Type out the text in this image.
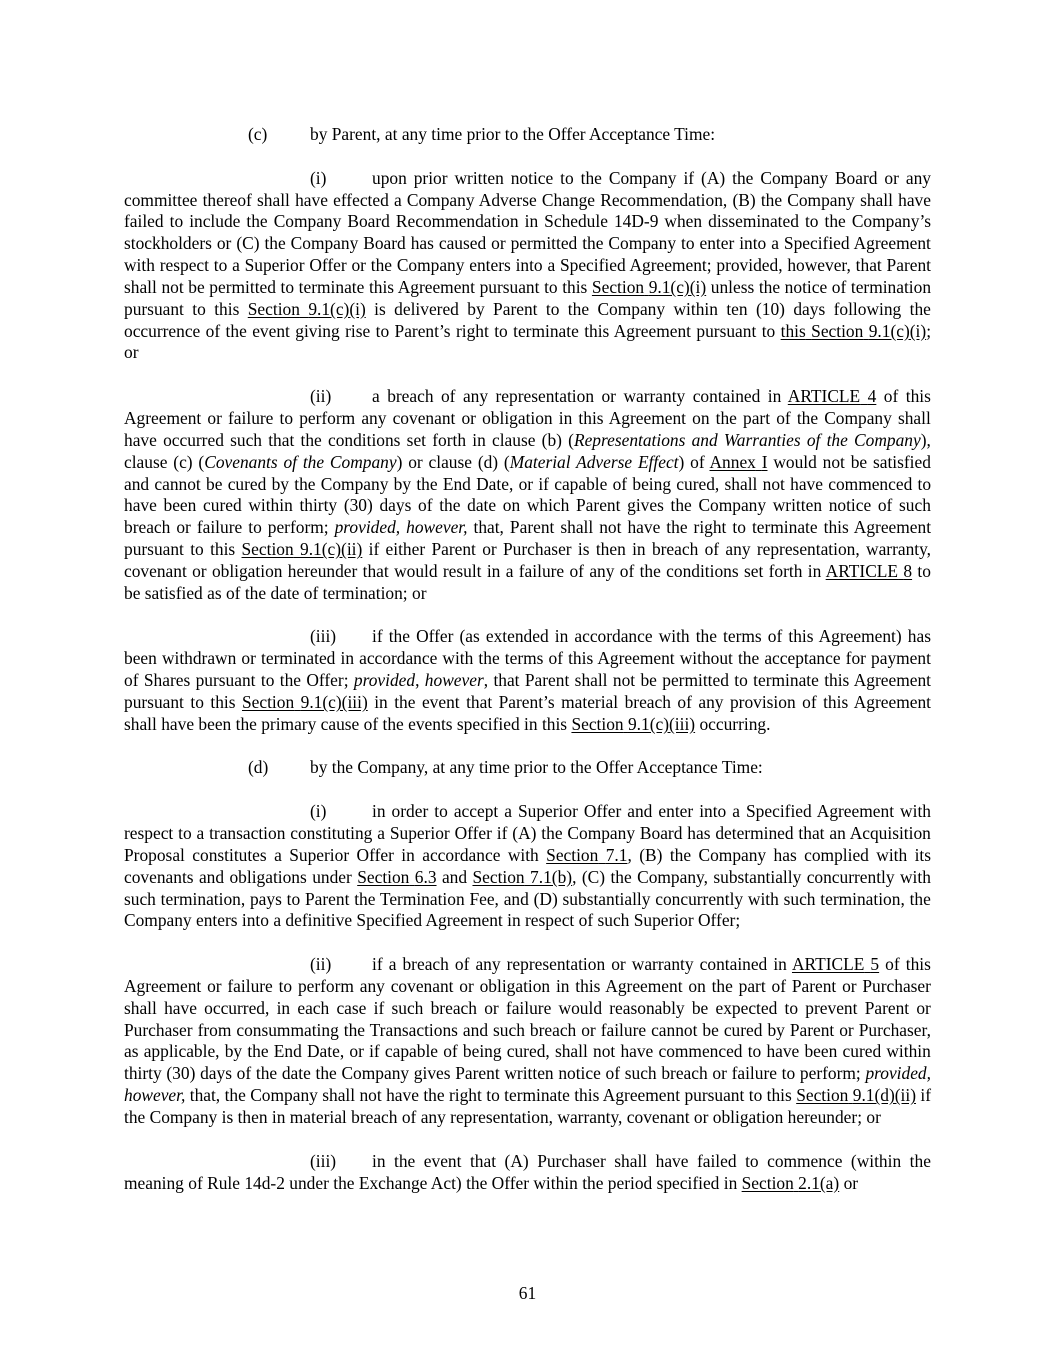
(c) by Parent, at any time prior to the Offer Acceptance Time:

(i)	upon prior written notice to the Company if (A) the Company Board or any committee thereof shall have effected a Company Adverse Change Recommendation, (B) the Company shall have failed to include the Company Board Recommendation in Schedule 14D-9 when disseminated to the Company’s stockholders or (C) the Company Board has caused or permitted the Company to enter into a Specified Agreement with respect to a Superior Offer or the Company enters into a Specified Agreement; provided, however, that Parent shall not be permitted to terminate this Agreement pursuant to this Section 9.1(c)(i) unless the notice of termination pursuant to this Section 9.1(c)(i) is delivered by Parent to the Company within ten (10) days following the occurrence of the event giving rise to Parent’s right to terminate this Agreement pursuant to this Section 9.1(c)(i); or

(ii) a breach of any representation or warranty contained in ARTICLE 4 of this Agreement or failure to perform any covenant or obligation in this Agreement on the part of the Company shall have occurred such that the conditions set forth in clause (b) (Representations and Warranties of the Company), clause (c) (Covenants of the Company) or clause (d) (Material Adverse Effect) of Annex I would not be satisfied and cannot be cured by the Company by the End Date, or if capable of being cured, shall not have commenced to have been cured within thirty (30) days of the date on which Parent gives the Company written notice of such breach or failure to perform; provided, however, that, Parent shall not have the right to terminate this Agreement pursuant to this Section 9.1(c)(ii) if either Parent or Purchaser is then in breach of any representation, warranty, covenant or obligation hereunder that would result in a failure of any of the conditions set forth in ARTICLE 8 to be satisfied as of the date of termination; or

(iii) if the Offer (as extended in accordance with the terms of this Agreement) has been withdrawn or terminated in accordance with the terms of this Agreement without the acceptance for payment of Shares pursuant to the Offer; provided, however, that Parent shall not be permitted to terminate this Agreement pursuant to this Section 9.1(c)(iii) in the event that Parent’s material breach of any provision of this Agreement shall have been the primary cause of the events specified in this Section 9.1(c)(iii) occurring.

(d) by the Company, at any time prior to the Offer Acceptance Time:

(i)	in order to accept a Superior Offer and enter into a Specified Agreement with respect to a transaction constituting a Superior Offer if (A) the Company Board has determined that an Acquisition Proposal constitutes a Superior Offer in accordance with Section 7.1, (B) the Company has complied with its covenants and obligations under Section 6.3 and Section 7.1(b), (C) the Company, substantially concurrently with such termination, pays to Parent the Termination Fee, and (D) substantially concurrently with such termination, the Company enters into a definitive Specified Agreement in respect of such Superior Offer;

(ii) if a breach of any representation or warranty contained in ARTICLE 5 of this Agreement or failure to perform any covenant or obligation in this Agreement on the part of Parent or Purchaser shall have occurred, in each case if such breach or failure would reasonably be expected to prevent Parent or Purchaser from consummating the Transactions and such breach or failure cannot be cured by Parent or Purchaser, as applicable, by the End Date, or if capable of being cured, shall not have commenced to have been cured within thirty (30) days of the date the Company gives Parent written notice of such breach or failure to perform; provided, however, that, the Company shall not have the right to terminate this Agreement pursuant to this Section 9.1(d)(ii) if the Company is then in material breach of any representation, warranty, covenant or obligation hereunder; or

(iii) in the event that (A) Purchaser shall have failed to commence (within the meaning of Rule 14d-2 under the Exchange Act) the Offer within the period specified in Section 2.1(a) or

61
